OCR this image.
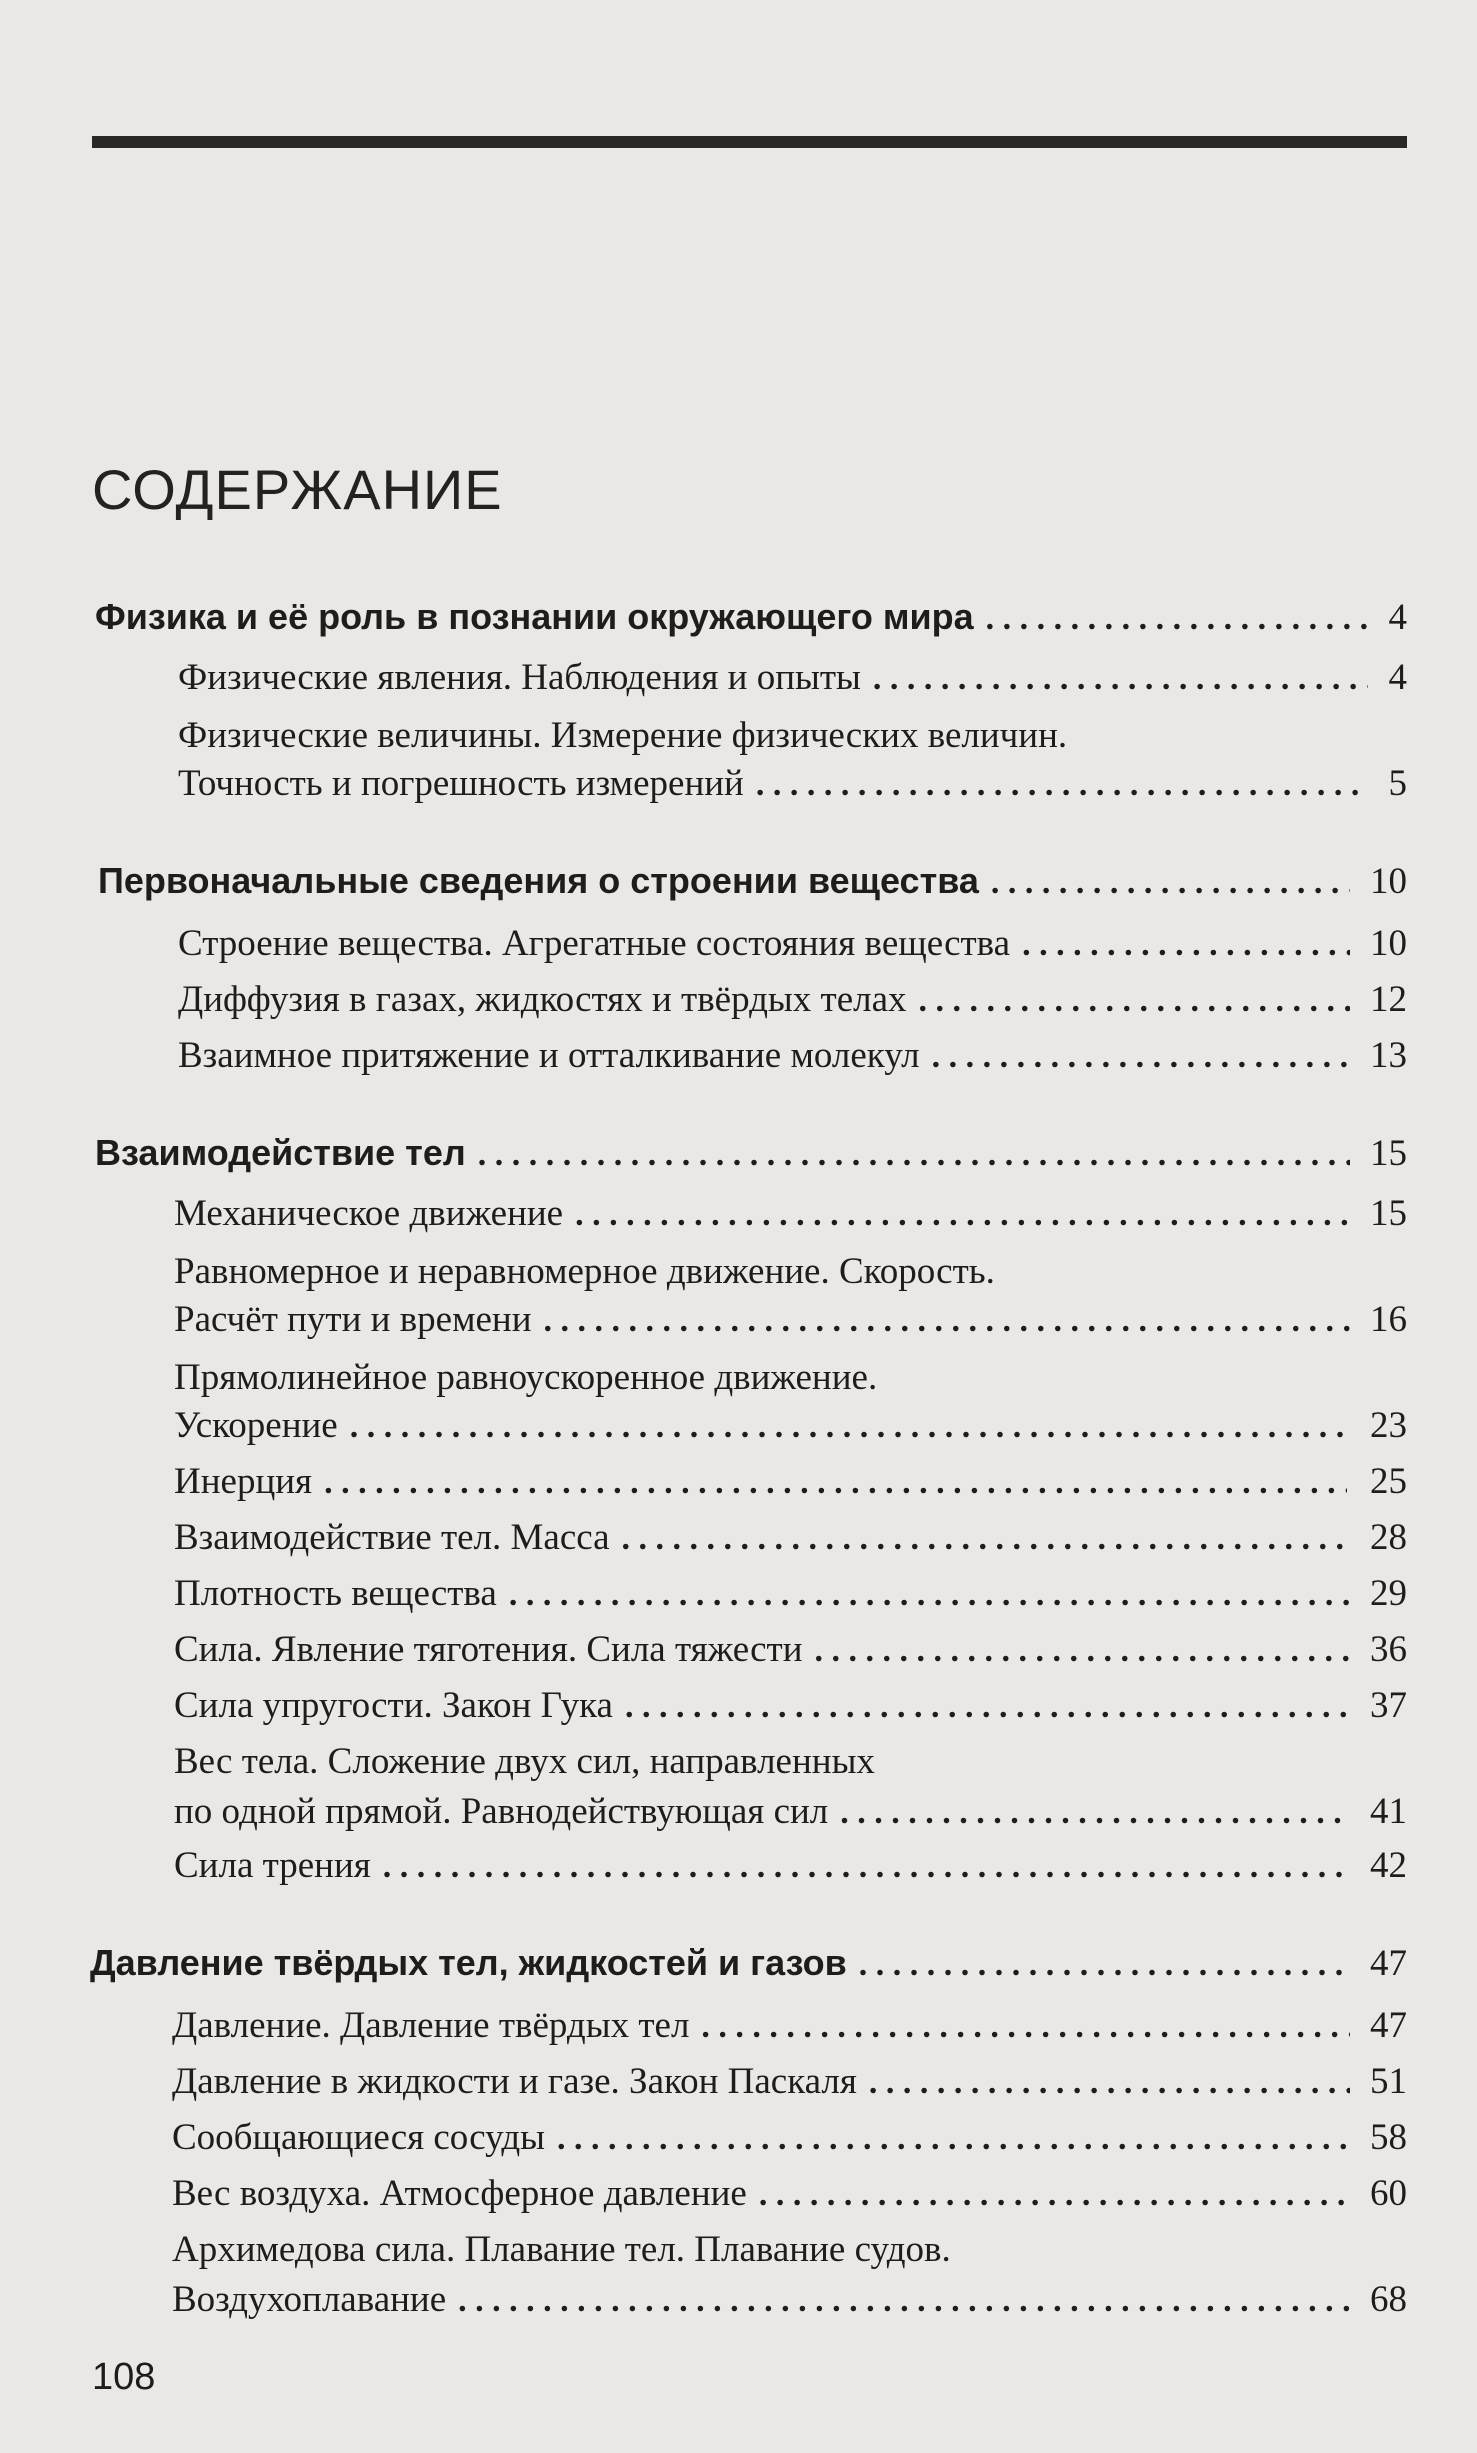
СОДЕРЖАНИЕ
Физика и её роль в познании окружающего мира . . .	4
Физические явления. Наблюдения и опыты . . .	4
Физические величины. Измерение физических величин.
Точность и погрешность измерений . . .	5
Первоначальные сведения о строении вещества . . .	10
Строение вещества. Агрегатные состояния вещества . . .	10
Диффузия в газах, жидкостях и твёрдых телах . . .	12
Взаимное притяжение и отталкивание молекул . . .	13
Взаимодействие тел . . .	15
Механическое движение . . .	15
Равномерное и неравномерное движение. Скорость.
Расчёт пути и времени . . .	16
Прямолинейное равноускоренное движение.
Ускорение . . .	23
Инерция . . .	25
Взаимодействие тел. Масса . . .	28
Плотность вещества . . .	29
Сила. Явление тяготения. Сила тяжести . . .	36
Сила упругости. Закон Гука . . .	37
Вес тела. Сложение двух сил, направленных
по одной прямой. Равнодействующая сил . . .	41
Сила трения . . .	42
Давление твёрдых тел, жидкостей и газов . . .	47
Давление. Давление твёрдых тел . . .	47
Давление в жидкости и газе. Закон Паскаля . . .	51
Сообщающиеся сосуды . . .	58
Вес воздуха. Атмосферное давление . . .	60
Архимедова сила. Плавание тел. Плавание судов.
Воздухоплавание . . .	68
108
